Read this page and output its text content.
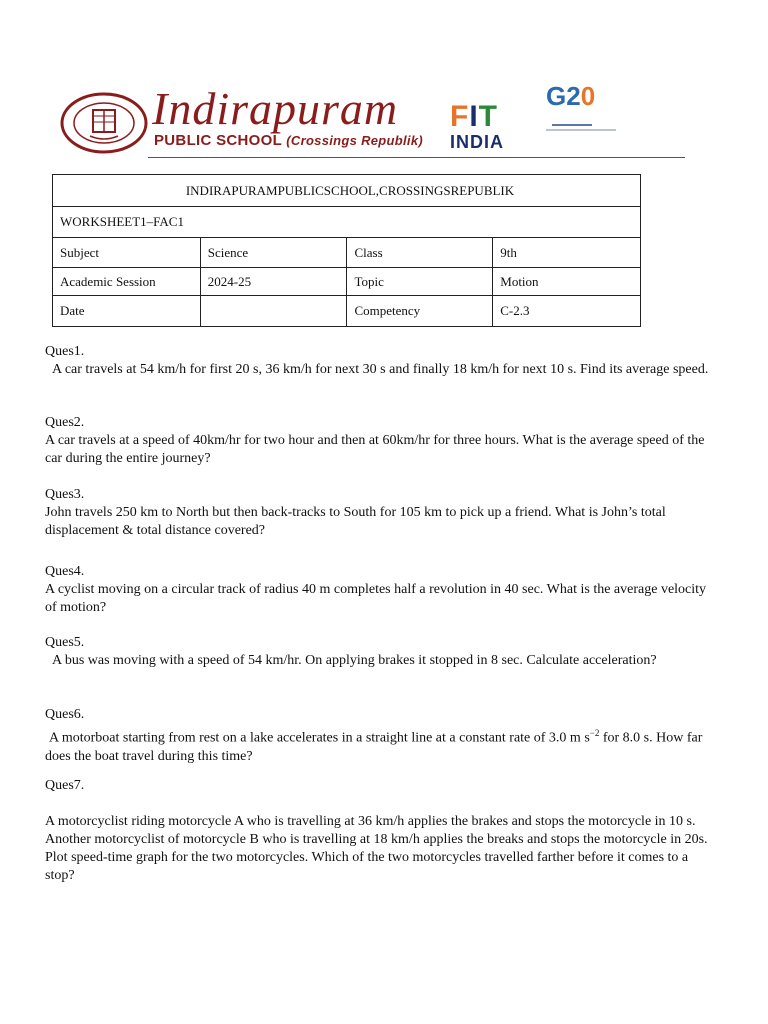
Indirapuram
PUBLIC SCHOOL (Crossings Republik)
FIT
INDIA
G20
INDIRAPURAMPUBLICSCHOOL,CROSSINGSREPUBLIK			
WORKSHEET1–FAC1			
Subject	Science	Class	9th
Academic Session	2024-25	Topic	Motion
Date		Competency	C-2.3
Ques1.
A car travels at 54 km/h for first 20 s, 36 km/h for next 30 s and finally 18 km/h for next 10 s. Find its average speed.
Ques2.
A car travels at a speed of 40km/hr for two hour and then at 60km/hr for three hours. What is the average speed of the car during the entire journey?
Ques3.
John travels 250 km to North but then back-tracks to South for 105 km to pick up a friend. What is John’s total displacement & total distance covered?
Ques4.
A cyclist moving on a circular track of radius 40 m completes half a revolution in 40 sec. What is the average velocity of motion?
Ques5.
A bus was moving with a speed of 54 km/hr. On applying brakes it stopped in 8 sec. Calculate acceleration?
Ques6.
A motorboat starting from rest on a lake accelerates in a straight line at a constant rate of 3.0 m $s^{-2}$ for 8.0 s. How far does the boat travel during this time?
Ques7.
A motorcyclist riding motorcycle A who is travelling at 36 km/h applies the brakes and stops the motorcycle in 10 s. Another motorcyclist of motorcycle B who is travelling at 18 km/h applies the breaks and stops the motorcycle in 20s. Plot speed-time graph for the two motorcycles. Which of the two motorcycles travelled farther before it comes to a stop?
